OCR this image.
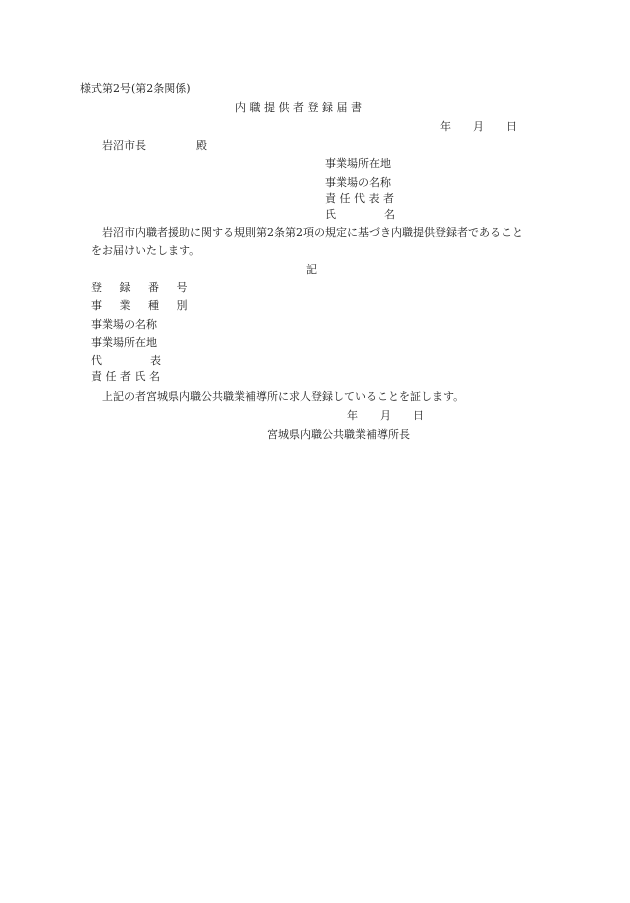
様式第2号(第2条関係)
内 職 提 供 者 登 録 届 書
年　　月　　日
岩沼市長	殿
事業場所在地
事業場の名称
責 任 代 表 者
氏	名
岩沼市内職者援助に関する規則第2条第2項の規定に基づき内職提供登録者であること
をお届けいたします。
記
登 録 番 号
事 業 種 別
事業場の名称
事業場所在地
代	表
責 任 者 氏 名
上記の者宮城県内職公共職業補導所に求人登録していることを証します。
年　　月　　日
宮城県内職公共職業補導所長
